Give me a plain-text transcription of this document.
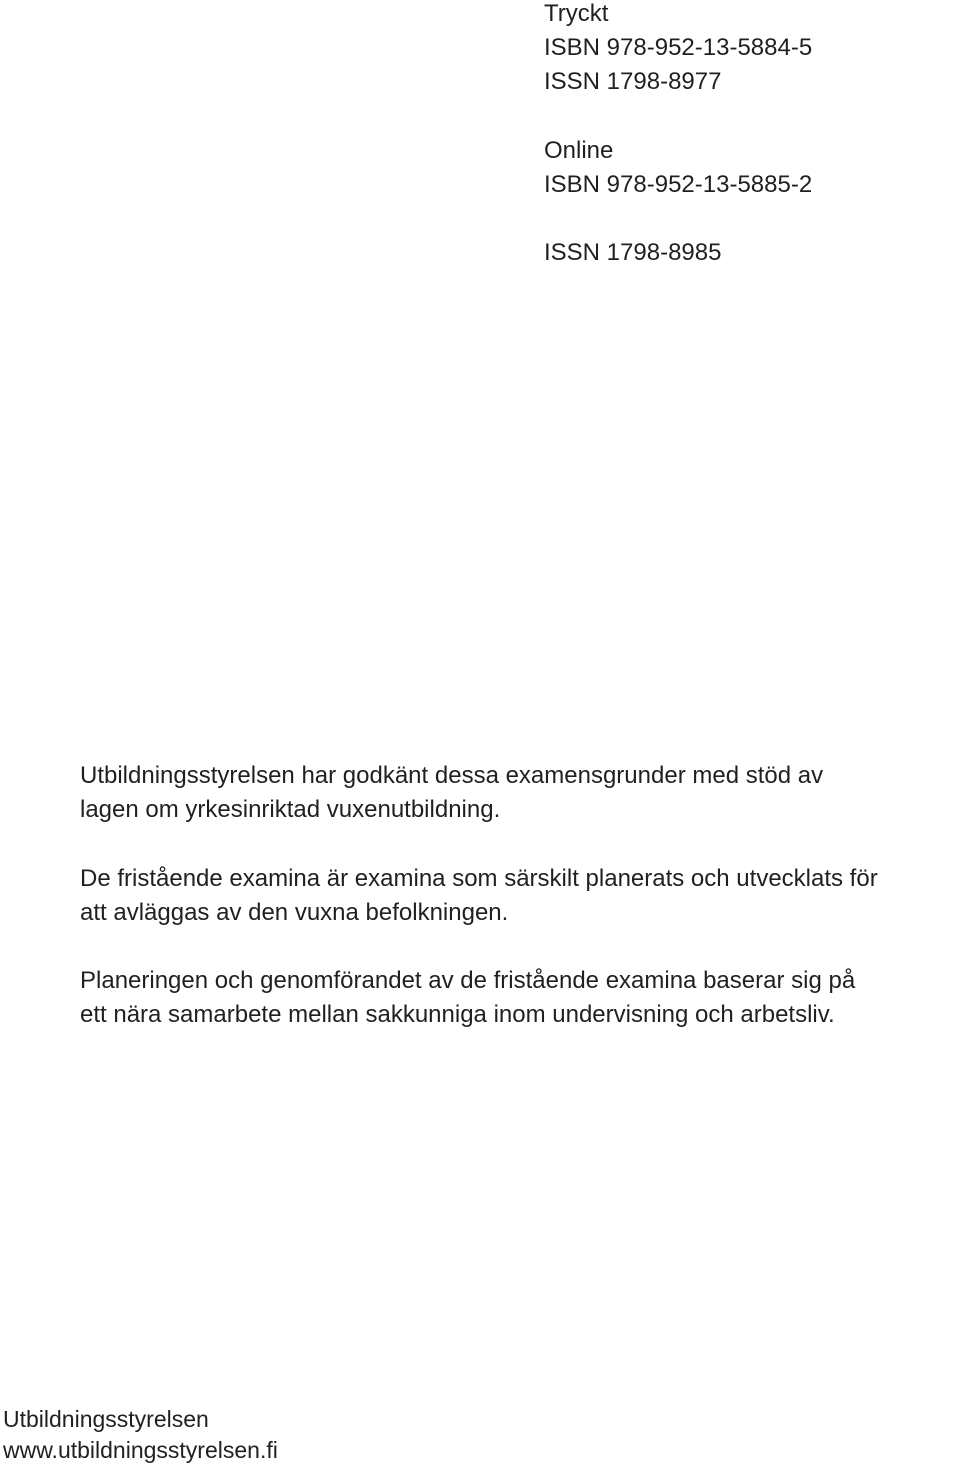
Tryckt

ISBN 978-952-13-5884-5

ISSN 1798-8977

Online

ISBN 978-952-13-5885-2

ISSN 1798-8985

Utbildningsstyrelsen har godkänt dessa examensgrunder med stöd av

lagen om yrkesinriktad vuxenutbildning.

De fristående examina är examina som särskilt planerats och utvecklats för

att avläggas av den vuxna befolkningen.

Planeringen och genomförandet av de fristående examina baserar sig på

ett nära samarbete mellan sakkunniga inom undervisning och arbetsliv.

Utbildningsstyrelsen

www.utbildningsstyrelsen.fi
